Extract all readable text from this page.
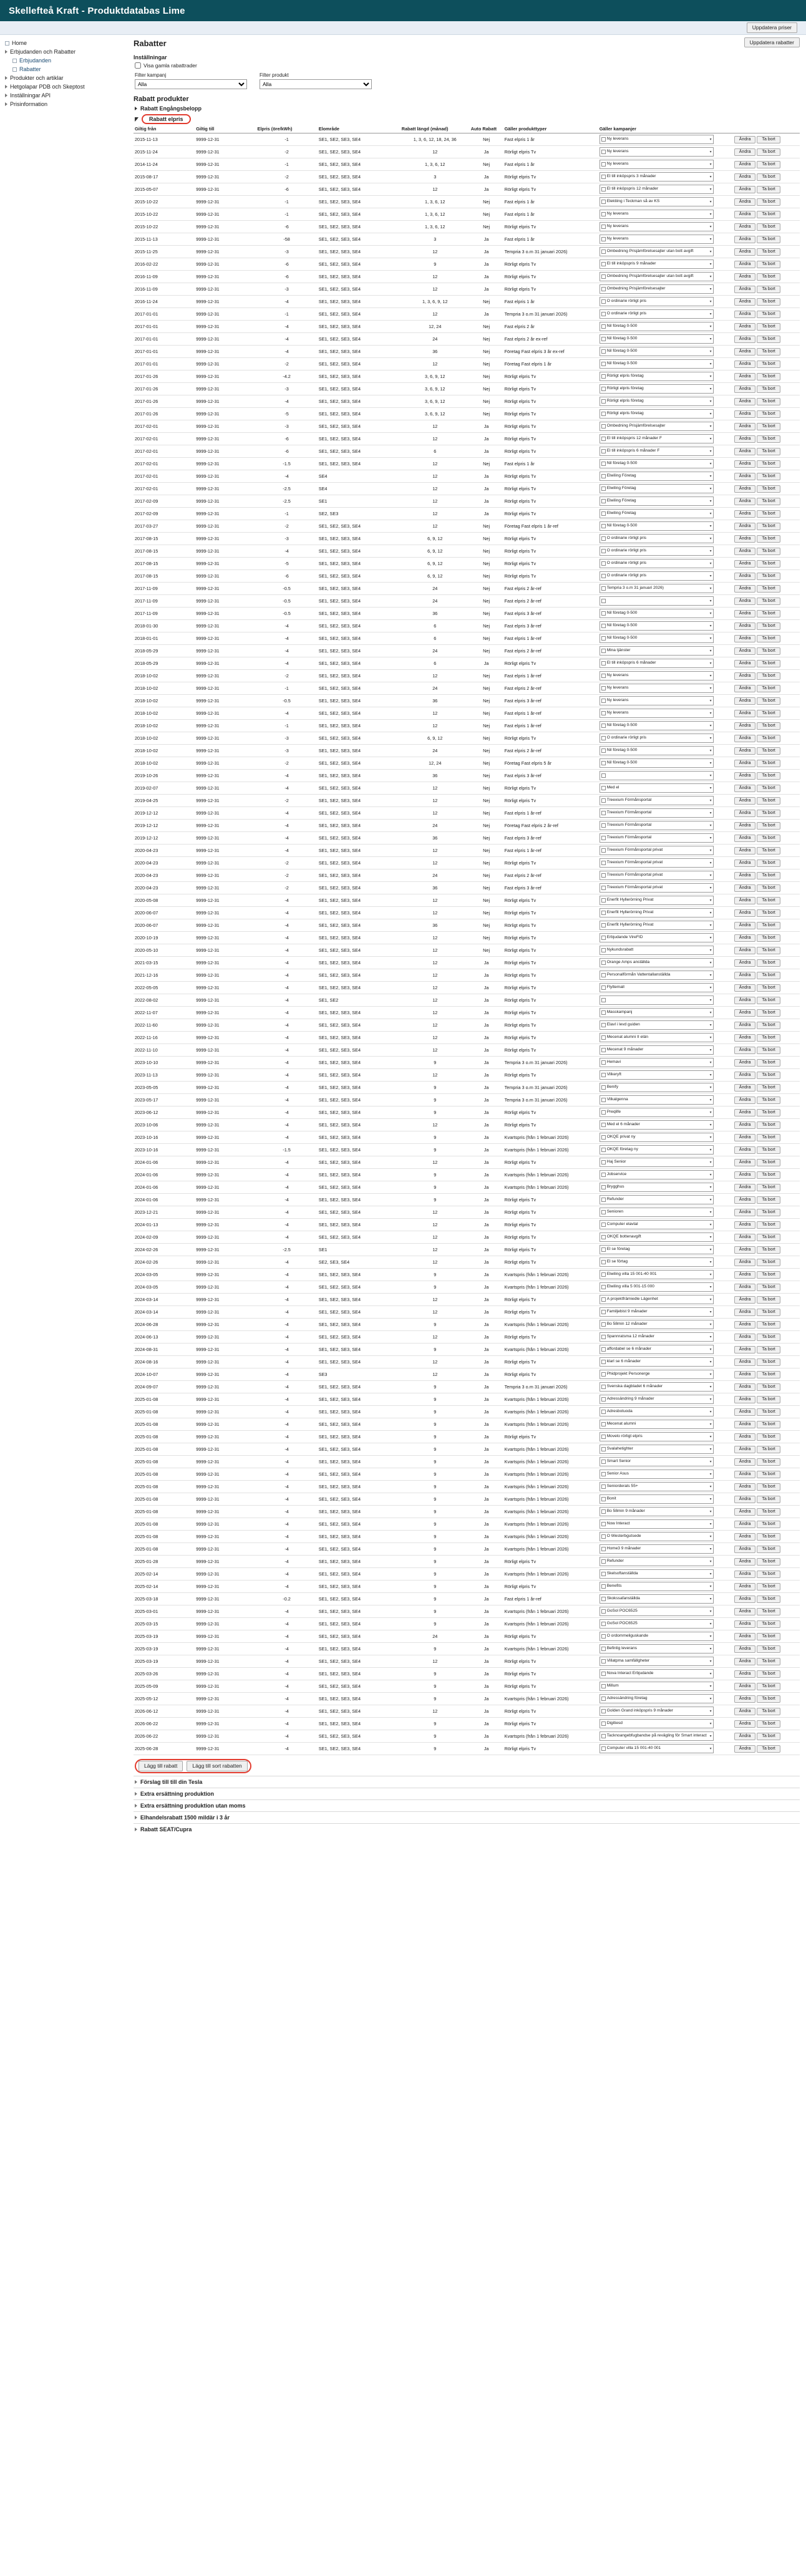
Skellefteå Kraft - Produktdatabas Lime
Uppdatera priser
Home
Erbjudanden och Rabatter
Erbjudanden
Rabatter
Produkter och artiklar
Hetgolapar PDB och Skeptost
Inställningar API
Prisinformation
Rabatter	Uppdatera rabatter
Inställningar
Visa gamla rabattrader
Filter kampanj
Alla	Filter produkt
Alla
Rabatt produkter
Rabatt Engångsbelopp
Rabatt elpris
Giltig från	Giltig till	Elpris (öre/kWh)	Elområde	Rabatt längd (månad)	Auto Rabatt	Gäller produkttyper	Gäller kampanjer	
2015-11-13	9999-12-31	-1	SE1, SE2, SE3, SE4	1, 3, 6, 12, 18, 24, 36	Nej	Fast elpris 1 år	Ny leverans ▾	Ändra Ta bort
2015-11-24	9999-12-31	-2	SE1, SE2, SE3, SE4	12	Ja	Rörligt elpris Tv	Ny leverans ▾	Ändra Ta bort
2014-11-24	9999-12-31	-1	SE1, SE2, SE3, SE4	1, 3, 6, 12	Nej	Fast elpris 1 år	Ny leverans ▾	Ändra Ta bort
2015-08-17	9999-12-31	-2	SE1, SE2, SE3, SE4	3	Ja	Rörligt elpris Tv	El till inköpspris 3 månader ▾	Ändra Ta bort
2015-05-07	9999-12-31	-6	SE1, SE2, SE3, SE4	12	Ja	Rörligt elpris Tv	El till inköpspris 12 månader ▾	Ändra Ta bort
2015-10-22	9999-12-31	-1	SE1, SE2, SE3, SE4	1, 3, 6, 12	Nej	Fast elpris 1 år	Elektiing i Teckman så av KS ▾	Ändra Ta bort
2015-10-22	9999-12-31	-1	SE1, SE2, SE3, SE4	1, 3, 6, 12	Nej	Fast elpris 1 år	Ny leverans ▾	Ändra Ta bort
2015-10-22	9999-12-31	-6	SE1, SE2, SE3, SE4	1, 3, 6, 12	Nej	Rörligt elpris Tv	Ny leverans ▾	Ändra Ta bort
2015-11-13	9999-12-31	-58	SE1, SE2, SE3, SE4	3	Ja	Fast elpris 1 år	Ny leverans ▾	Ändra Ta bort
2015-11-25	9999-12-31	-3	SE1, SE2, SE3, SE4	12	Ja	Tempria 3 o.m 31 januari 2026)	Ombedning Prisjämförelsesajter utan bott avgift ▾	Ändra Ta bort
2016-02-22	9999-12-31	-6	SE1, SE2, SE3, SE4	9	Ja	Rörligt elpris Tv	El till inköpspris 9 månader ▾	Ändra Ta bort
2016-11-09	9999-12-31	-6	SE1, SE2, SE3, SE4	12	Ja	Rörligt elpris Tv	Ombedning Prisjämförelsesajter utan bott avgift ▾	Ändra Ta bort
2016-11-09	9999-12-31	-3	SE1, SE2, SE3, SE4	12	Ja	Rörligt elpris Tv	Ombedning Prisjämförelsesajter ▾	Ändra Ta bort
2016-11-24	9999-12-31	-4	SE1, SE2, SE3, SE4	1, 3, 6, 9, 12	Nej	Fast elpris 1 år	O ordinarie rörligt pris ▾	Ändra Ta bort
2017-01-01	9999-12-31	-1	SE1, SE2, SE3, SE4	12	Ja	Tempria 3 o.m 31 januari 2026)	O ordinarie rörligt pris ▾	Ändra Ta bort
2017-01-01	9999-12-31	-4	SE1, SE2, SE3, SE4	12, 24	Nej	Fast elpris 2 år	Nil företag 0-500 ▾	Ändra Ta bort
2017-01-01	9999-12-31	-4	SE1, SE2, SE3, SE4	24	Nej	Fast elpris 2 år ex-ref	Nil företag 0-500 ▾	Ändra Ta bort
2017-01-01	9999-12-31	-4	SE1, SE2, SE3, SE4	36	Nej	Företag Fast elpris 3 år ex-ref	Nil företag 0-500 ▾	Ändra Ta bort
2017-01-01	9999-12-31	-2	SE1, SE2, SE3, SE4	12	Nej	Företag Fast elpris 1 år	Nil företag 0-500 ▾	Ändra Ta bort
2017-01-26	9999-12-31	-4.2	SE1, SE2, SE3, SE4	3, 6, 9, 12	Nej	Rörligt elpris Tv	Rörligt elpris företag ▾	Ändra Ta bort
2017-01-26	9999-12-31	-3	SE1, SE2, SE3, SE4	3, 6, 9, 12	Nej	Rörligt elpris Tv	Rörligt elpris företag ▾	Ändra Ta bort
2017-01-26	9999-12-31	-4	SE1, SE2, SE3, SE4	3, 6, 9, 12	Nej	Rörligt elpris Tv	Rörligt elpris företag ▾	Ändra Ta bort
2017-01-26	9999-12-31	-5	SE1, SE2, SE3, SE4	3, 6, 9, 12	Nej	Rörligt elpris Tv	Rörligt elpris företag ▾	Ändra Ta bort
2017-02-01	9999-12-31	-3	SE1, SE2, SE3, SE4	12	Ja	Rörligt elpris Tv	Ombedning Prisjämförelsesajter ▾	Ändra Ta bort
2017-02-01	9999-12-31	-6	SE1, SE2, SE3, SE4	12	Ja	Rörligt elpris Tv	El till inköpspris 12 månader F ▾	Ändra Ta bort
2017-02-01	9999-12-31	-6	SE1, SE2, SE3, SE4	6	Ja	Rörligt elpris Tv	El till inköpspris 6 månader F ▾	Ändra Ta bort
2017-02-01	9999-12-31	-1.5	SE1, SE2, SE3, SE4	12	Nej	Fast elpris 1 år	Nil företag 0-500 ▾	Ändra Ta bort
2017-02-01	9999-12-31	-4	SE4	12	Ja	Rörligt elpris Tv	Elwiling Företag ▾	Ändra Ta bort
2017-02-01	9999-12-31	-2.5	SE4	12	Ja	Rörligt elpris Tv	Elwiling Företag ▾	Ändra Ta bort
2017-02-09	9999-12-31	-2.5	SE1	12	Ja	Rörligt elpris Tv	Elwiling Företag ▾	Ändra Ta bort
2017-02-09	9999-12-31	-1	SE2, SE3	12	Ja	Rörligt elpris Tv	Elwiling Företag ▾	Ändra Ta bort
2017-03-27	9999-12-31	-2	SE1, SE2, SE3, SE4	12	Nej	Företag Fast elpris 1 år-ref	Nil företag 0-500 ▾	Ändra Ta bort
2017-08-15	9999-12-31	-3	SE1, SE2, SE3, SE4	6, 9, 12	Nej	Rörligt elpris Tv	O ordinarie rörligt pris ▾	Ändra Ta bort
2017-08-15	9999-12-31	-4	SE1, SE2, SE3, SE4	6, 9, 12	Nej	Rörligt elpris Tv	O ordinarie rörligt pris ▾	Ändra Ta bort
2017-08-15	9999-12-31	-5	SE1, SE2, SE3, SE4	6, 9, 12	Nej	Rörligt elpris Tv	O ordinarie rörligt pris ▾	Ändra Ta bort
2017-08-15	9999-12-31	-6	SE1, SE2, SE3, SE4	6, 9, 12	Nej	Rörligt elpris Tv	O ordinarie rörligt pris ▾	Ändra Ta bort
2017-11-09	9999-12-31	-0.5	SE1, SE2, SE3, SE4	24	Nej	Fast elpris 2 år-ref	Tempria 3 o.m 31 januari 2026) ▾	Ändra Ta bort
2017-11-09	9999-12-31	-0.5	SE1, SE2, SE3, SE4	24	Nej	Fast elpris 2 år-ref	▾	Ändra Ta bort
2017-11-09	9999-12-31	-0.5	SE1, SE2, SE3, SE4	36	Nej	Fast elpris 3 år-ref	Nil företag 0-500 ▾	Ändra Ta bort
2018-01-30	9999-12-31	-4	SE1, SE2, SE3, SE4	6	Nej	Fast elpris 3 år-ref	Nil företag 0-500 ▾	Ändra Ta bort
2018-01-01	9999-12-31	-4	SE1, SE2, SE3, SE4	6	Nej	Fast elpris 1 år-ref	Nil företag 0-500 ▾	Ändra Ta bort
2018-05-29	9999-12-31	-4	SE1, SE2, SE3, SE4	24	Nej	Fast elpris 2 år-ref	Mina tjänster ▾	Ändra Ta bort
2018-05-29	9999-12-31	-4	SE1, SE2, SE3, SE4	6	Ja	Rörligt elpris Tv	El till inköpspris 6 månader ▾	Ändra Ta bort
2018-10-02	9999-12-31	-2	SE1, SE2, SE3, SE4	12	Nej	Fast elpris 1 år-ref	Ny leverans ▾	Ändra Ta bort
2018-10-02	9999-12-31	-1	SE1, SE2, SE3, SE4	24	Nej	Fast elpris 2 år-ref	Ny leverans ▾	Ändra Ta bort
2018-10-02	9999-12-31	-0.5	SE1, SE2, SE3, SE4	36	Nej	Fast elpris 3 år-ref	Ny leverans ▾	Ändra Ta bort
2018-10-02	9999-12-31	-4	SE1, SE2, SE3, SE4	12	Nej	Fast elpris 1 år-ref	Ny leverans ▾	Ändra Ta bort
2018-10-02	9999-12-31	-1	SE1, SE2, SE3, SE4	12	Nej	Fast elpris 1 år-ref	Nil företag 0-500 ▾	Ändra Ta bort
2018-10-02	9999-12-31	-3	SE1, SE2, SE3, SE4	6, 9, 12	Nej	Rörligt elpris Tv	O ordinarie rörligt pris ▾	Ändra Ta bort
2018-10-02	9999-12-31	-3	SE1, SE2, SE3, SE4	24	Nej	Fast elpris 2 år-ref	Nil företag 0-500 ▾	Ändra Ta bort
2018-10-02	9999-12-31	-2	SE1, SE2, SE3, SE4	12, 24	Nej	Företag Fast elpris 5 år	Nil företag 0-500 ▾	Ändra Ta bort
2019-10-26	9999-12-31	-4	SE1, SE2, SE3, SE4	36	Nej	Fast elpris 3 år-ref	▾	Ändra Ta bort
2019-02-07	9999-12-31	-4	SE1, SE2, SE3, SE4	12	Nej	Rörligt elpris Tv	Med el ▾	Ändra Ta bort
2019-04-25	9999-12-31	-2	SE1, SE2, SE3, SE4	12	Nej	Rörligt elpris Tv	Treexium Förmånsportal ▾	Ändra Ta bort
2019-12-12	9999-12-31	-4	SE1, SE2, SE3, SE4	12	Nej	Fast elpris 1 år-ref	Treexium Förmånsportal ▾	Ändra Ta bort
2019-12-12	9999-12-31	-4	SE1, SE2, SE3, SE4	24	Nej	Företag Fast elpris 2 år-ref	Treexium Förmånsportal ▾	Ändra Ta bort
2019-12-12	9999-12-31	-4	SE1, SE2, SE3, SE4	36	Nej	Fast elpris 3 år-ref	Treexium Förmånsportal ▾	Ändra Ta bort
2020-04-23	9999-12-31	-4	SE1, SE2, SE3, SE4	12	Nej	Fast elpris 1 år-ref	Treexium Förmånsportal privat ▾	Ändra Ta bort
2020-04-23	9999-12-31	-2	SE1, SE2, SE3, SE4	12	Nej	Rörligt elpris Tv	Treexium Förmånsportal privat ▾	Ändra Ta bort
2020-04-23	9999-12-31	-2	SE1, SE2, SE3, SE4	24	Nej	Fast elpris 2 år-ref	Treexium Förmånsportal privat ▾	Ändra Ta bort
2020-04-23	9999-12-31	-2	SE1, SE2, SE3, SE4	36	Nej	Fast elpris 3 år-ref	Treexium Förmånsportal privat ▾	Ändra Ta bort
2020-05-08	9999-12-31	-4	SE1, SE2, SE3, SE4	12	Nej	Rörligt elpris Tv	Enerfit Hyllerörning Privat ▾	Ändra Ta bort
2020-06-07	9999-12-31	-4	SE1, SE2, SE3, SE4	12	Nej	Rörligt elpris Tv	Enerfit Hyllerörning Privat ▾	Ändra Ta bort
2020-06-07	9999-12-31	-4	SE1, SE2, SE3, SE4	36	Nej	Rörligt elpris Tv	Enerfit Hyllerörning Privat ▾	Ändra Ta bort
2020-10-19	9999-12-31	-4	SE1, SE2, SE3, SE4	12	Nej	Rörligt elpris Tv	Erbjudande VireFID ▾	Ändra Ta bort
2020-05-10	9999-12-31	-4	SE1, SE2, SE3, SE4	12	Nej	Rörligt elpris Tv	Nykundsrabatt ▾	Ändra Ta bort
2021-03-15	9999-12-31	-4	SE1, SE2, SE3, SE4	12	Ja	Rörligt elpris Tv	Orange Amps anställda ▾	Ändra Ta bort
2021-12-16	9999-12-31	-4	SE1, SE2, SE3, SE4	12	Ja	Rörligt elpris Tv	Personalförmån Vattentallanställda ▾	Ändra Ta bort
2022-05-05	9999-12-31	-4	SE1, SE2, SE3, SE4	12	Ja	Rörligt elpris Tv	Flyttemall ▾	Ändra Ta bort
2022-08-02	9999-12-31	-4	SE1, SE2	12	Ja	Rörligt elpris Tv	▾	Ändra Ta bort
2022-11-07	9999-12-31	-4	SE1, SE2, SE3, SE4	12	Ja	Rörligt elpris Tv	Masskampanj ▾	Ändra Ta bort
2022-11-60	9999-12-31	-4	SE1, SE2, SE3, SE4	12	Ja	Rörligt elpris Tv	Elavl i levd guiden ▾	Ändra Ta bort
2022-11-16	9999-12-31	-4	SE1, SE2, SE3, SE4	12	Ja	Rörligt elpris Tv	Mecenat alumni II elän ▾	Ändra Ta bort
2022-11-10	9999-12-31	-4	SE1, SE2, SE3, SE4	12	Ja	Rörligt elpris Tv	Mecenat 9 månader ▾	Ändra Ta bort
2023-10-10	9999-12-31	-4	SE1, SE2, SE3, SE4	9	Ja	Tempria 3 o.m 31 januari 2026)	Hemavi ▾	Ändra Ta bort
2023-11-13	9999-12-31	-4	SE1, SE2, SE3, SE4	12	Ja	Rörligt elpris Tv	Vilkeryft ▾	Ändra Ta bort
2023-05-05	9999-12-31	-4	SE1, SE2, SE3, SE4	9	Ja	Tempria 3 o.m 31 januari 2026)	Benify ▾	Ändra Ta bort
2023-05-17	9999-12-31	-4	SE1, SE2, SE3, SE4	9	Ja	Tempria 3 o.m 31 januari 2026)	Vilkalgenna ▾	Ändra Ta bort
2023-06-12	9999-12-31	-4	SE1, SE2, SE3, SE4	9	Ja	Rörligt elpris Tv	Preqlife ▾	Ändra Ta bort
2023-10-06	9999-12-31	-4	SE1, SE2, SE3, SE4	12	Ja	Rörligt elpris Tv	Med el 6 månader ▾	Ändra Ta bort
2023-10-16	9999-12-31	-4	SE1, SE2, SE3, SE4	9	Ja	Kvartspris (från 1 februari 2026)	OKQE privat ny ▾	Ändra Ta bort
2023-10-16	9999-12-31	-1.5	SE1, SE2, SE3, SE4	9	Ja	Kvartspris (från 1 februari 2026)	OKQE företag ny ▾	Ändra Ta bort
2024-01-06	9999-12-31	-4	SE1, SE2, SE3, SE4	12	Ja	Rörligt elpris Tv	Haj Senior ▾	Ändra Ta bort
2024-01-06	9999-12-31	-4	SE1, SE2, SE3, SE4	9	Ja	Kvartspris (från 1 februari 2026)	Jobservice ▾	Ändra Ta bort
2024-01-06	9999-12-31	-4	SE1, SE2, SE3, SE4	9	Ja	Kvartspris (från 1 februari 2026)	Brygghus ▾	Ändra Ta bort
2024-01-06	9999-12-31	-4	SE1, SE2, SE3, SE4	9	Ja	Rörligt elpris Tv	Refunder ▾	Ändra Ta bort
2023-12-21	9999-12-31	-4	SE1, SE2, SE3, SE4	12	Ja	Rörligt elpris Tv	Senioren ▾	Ändra Ta bort
2024-01-13	9999-12-31	-4	SE1, SE2, SE3, SE4	12	Ja	Rörligt elpris Tv	Computer elavtal ▾	Ändra Ta bort
2024-02-09	9999-12-31	-4	SE1, SE2, SE3, SE4	12	Ja	Rörligt elpris Tv	OKQE bottenavgift ▾	Ändra Ta bort
2024-02-26	9999-12-31	-2.5	SE1	12	Ja	Rörligt elpris Tv	El se företag ▾	Ändra Ta bort
2024-02-26	9999-12-31	-4	SE2, SE3, SE4	12	Ja	Rörligt elpris Tv	El se förtag ▾	Ändra Ta bort
2024-03-05	9999-12-31	-4	SE1, SE2, SE3, SE4	9	Ja	Kvartspris (från 1 februari 2026)	Elwiling villa 15 001-40 001 ▾	Ändra Ta bort
2024-03-05	9999-12-31	-4	SE1, SE2, SE3, SE4	9	Ja	Kvartspris (från 1 februari 2026)	Elwiling villa 5 001-15 000 ▾	Ändra Ta bort
2024-03-14	9999-12-31	-4	SE1, SE2, SE3, SE4	12	Ja	Rörligt elpris Tv	A projektfrämiedle Lägenhet ▾	Ändra Ta bort
2024-03-14	9999-12-31	-4	SE1, SE2, SE3, SE4	12	Ja	Rörligt elpris Tv	Familjebist 9 månader ▾	Ändra Ta bort
2024-06-28	9999-12-31	-4	SE1, SE2, SE3, SE4	9	Ja	Kvartspris (från 1 februari 2026)	Bo 58min 12 månader ▾	Ändra Ta bort
2024-06-13	9999-12-31	-4	SE1, SE2, SE3, SE4	12	Ja	Rörligt elpris Tv	Spannratsma 12 månader ▾	Ändra Ta bort
2024-08-31	9999-12-31	-4	SE1, SE2, SE3, SE4	9	Ja	Kvartspris (från 1 februari 2026)	affordabel se 6 månader ▾	Ändra Ta bort
2024-08-16	9999-12-31	-4	SE1, SE2, SE3, SE4	12	Ja	Rörligt elpris Tv	klarl se 6 månader ▾	Ändra Ta bort
2024-10-07	9999-12-31	-4	SE3	12	Ja	Rörligt elpris Tv	Phidprojekt Personerge ▾	Ändra Ta bort
2024-09-07	9999-12-31	-4	SE1, SE2, SE3, SE4	9	Ja	Tempria 3 o.m 31 januari 2026)	Svenska dagbladet 6 månader ▾	Ändra Ta bort
2025-01-08	9999-12-31	-4	SE1, SE2, SE3, SE4	9	Ja	Kvartspris (från 1 februari 2026)	Adressändring 9 månader ▾	Ändra Ta bort
2025-01-08	9999-12-31	-4	SE1, SE2, SE3, SE4	9	Ja	Kvartspris (från 1 februari 2026)	Adresbotuoda ▾	Ändra Ta bort
2025-01-08	9999-12-31	-4	SE1, SE2, SE3, SE4	9	Ja	Kvartspris (från 1 februari 2026)	Mecenat alumni ▾	Ändra Ta bort
2025-01-08	9999-12-31	-4	SE1, SE2, SE3, SE4	9	Ja	Rörligt elpris Tv	Movelo rörligt elpris ▾	Ändra Ta bort
2025-01-08	9999-12-31	-4	SE1, SE2, SE3, SE4	9	Ja	Kvartspris (från 1 februari 2026)	Svalahetighter ▾	Ändra Ta bort
2025-01-08	9999-12-31	-4	SE1, SE2, SE3, SE4	9	Ja	Kvartspris (från 1 februari 2026)	Smart Senior ▾	Ändra Ta bort
2025-01-08	9999-12-31	-4	SE1, SE2, SE3, SE4	9	Ja	Kvartspris (från 1 februari 2026)	Senior Asus ▾	Ändra Ta bort
2025-01-08	9999-12-31	-4	SE1, SE2, SE3, SE4	9	Ja	Kvartspris (från 1 februari 2026)	Seniorderals 55+ ▾	Ändra Ta bort
2025-01-08	9999-12-31	-4	SE1, SE2, SE3, SE4	9	Ja	Kvartspris (från 1 februari 2026)	Bonit ▾	Ändra Ta bort
2025-01-08	9999-12-31	-4	SE1, SE2, SE3, SE4	9	Ja	Kvartspris (från 1 februari 2026)	Bo 58min 9 månader ▾	Ändra Ta bort
2025-01-08	9999-12-31	-4	SE1, SE2, SE3, SE4	9	Ja	Kvartspris (från 1 februari 2026)	Now Interact ▾	Ändra Ta bort
2025-01-08	9999-12-31	-4	SE1, SE2, SE3, SE4	9	Ja	Kvartspris (från 1 februari 2026)	O Westerbgutsede ▾	Ändra Ta bort
2025-01-08	9999-12-31	-4	SE1, SE2, SE3, SE4	9	Ja	Kvartspris (från 1 februari 2026)	Home3 9 månader ▾	Ändra Ta bort
2025-01-28	9999-12-31	-4	SE1, SE2, SE3, SE4	9	Ja	Rörligt elpris Tv	Refunder ▾	Ändra Ta bort
2025-02-14	9999-12-31	-4	SE1, SE2, SE3, SE4	9	Ja	Kvartspris (från 1 februari 2026)	Skelsoftanställda ▾	Ändra Ta bort
2025-02-14	9999-12-31	-4	SE1, SE2, SE3, SE4	9	Ja	Rörligt elpris Tv	Benefits ▾	Ändra Ta bort
2025-03-18	9999-12-31	-0.2	SE1, SE2, SE3, SE4	9	Ja	Fast elpris 1 år-ref	Skokssafanställda ▾	Ändra Ta bort
2025-03-01	9999-12-31	-4	SE1, SE2, SE3, SE4	9	Ja	Kvartspris (från 1 februari 2026)	GoSol POC6525 ▾	Ändra Ta bort
2025-03-15	9999-12-31	-4	SE1, SE2, SE3, SE4	9	Ja	Kvartspris (från 1 februari 2026)	GoSol POC6525 ▾	Ändra Ta bort
2025-03-19	9999-12-31	-4	SE1, SE2, SE3, SE4	24	Ja	Rörligt elpris Tv	O ordommeliguskande ▾	Ändra Ta bort
2025-03-19	9999-12-31	-4	SE1, SE2, SE3, SE4	9	Ja	Kvartspris (från 1 februari 2026)	Befinlig leverans ▾	Ändra Ta bort
2025-03-19	9999-12-31	-4	SE1, SE2, SE3, SE4	12	Ja	Rörligt elpris Tv	Villatpma samfällgheter ▾	Ändra Ta bort
2025-03-26	9999-12-31	-4	SE1, SE2, SE3, SE4	9	Ja	Rörligt elpris Tv	Nova Interact Erbjudande ▾	Ändra Ta bort
2025-05-09	9999-12-31	-4	SE1, SE2, SE3, SE4	9	Ja	Rörligt elpris Tv	Millum ▾	Ändra Ta bort
2025-05-12	9999-12-31	-4	SE1, SE2, SE3, SE4	9	Ja	Kvartspris (från 1 februari 2026)	Adressändring företag ▾	Ändra Ta bort
2026-06-12	9999-12-31	-4	SE1, SE2, SE3, SE4	12	Ja	Rörligt elpris Tv	Golden Grand inköpspris 9 månader ▾	Ändra Ta bort
2026-06-22	9999-12-31	-4	SE1, SE2, SE3, SE4	9	Ja	Rörligt elpris Tv	Digitiesd ▾	Ändra Ta bort
2026-06-22	9999-12-31	-4	SE1, SE2, SE3, SE4	9	Ja	Kvartspris (från 1 februari 2026)	Tacknoangebfugbandse på revägling för Smart interact ▾	Ändra Ta bort
2025-06-28	9999-12-31	-4	SE1, SE2, SE3, SE4	9	Ja	Rörligt elpris Tv	Computer villa 15 001-40 001 ▾	Ändra Ta bort
Lägg till rabatt	Lägg till sort rabatten
Förslag till till din Tesla
Extra ersättning produktion
Extra ersättning produktion utan moms
Elhandelsrabatt 1500 mildär i 3 år
Rabatt SEAT/Cupra
